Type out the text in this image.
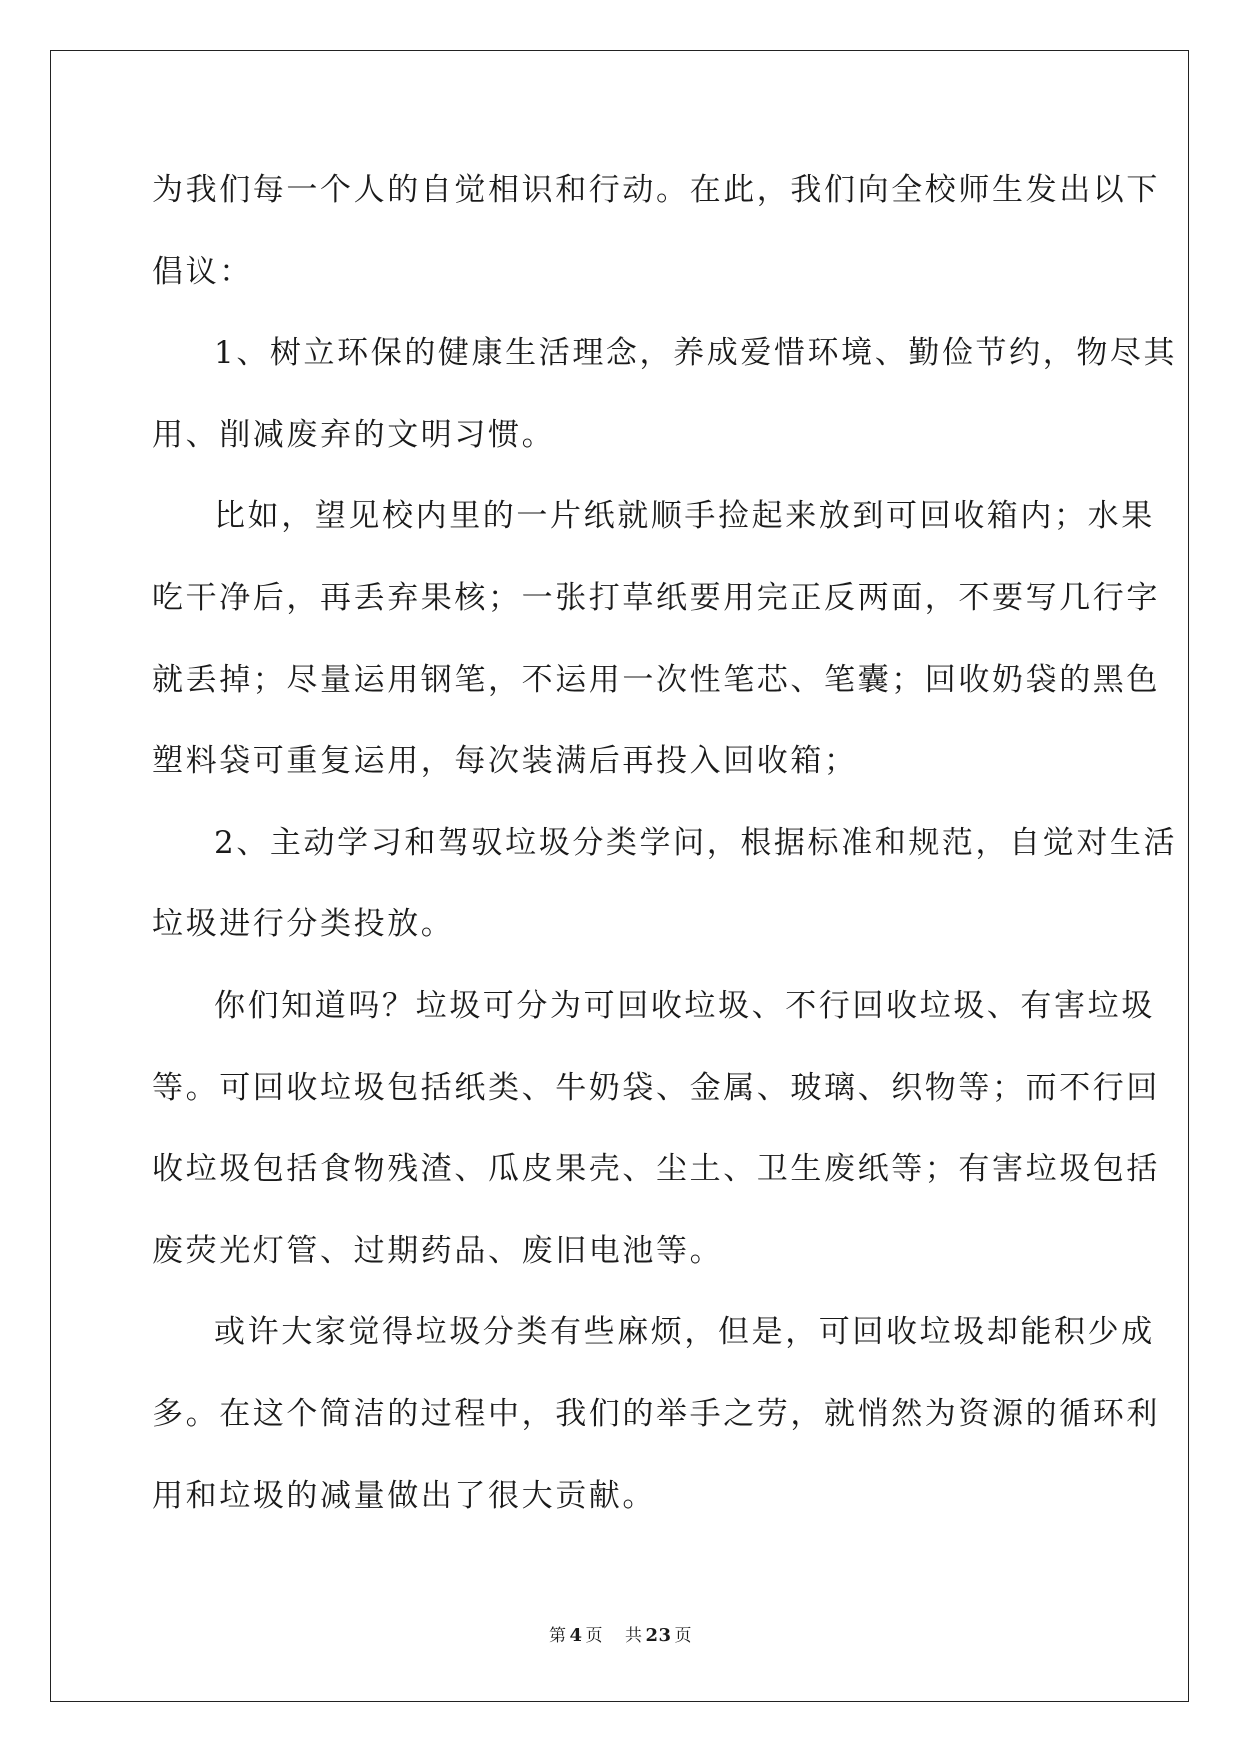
为我们每一个人的自觉相识和行动。在此，我们向全校师生发出以下
倡议：
1、树立环保的健康生活理念，养成爱惜环境、勤俭节约，物尽其
用、削减废弃的文明习惯。
比如，望见校内里的一片纸就顺手捡起来放到可回收箱内；水果
吃干净后，再丢弃果核；一张打草纸要用完正反两面，不要写几行字
就丢掉；尽量运用钢笔，不运用一次性笔芯、笔囊；回收奶袋的黑色
塑料袋可重复运用，每次装满后再投入回收箱；
2、主动学习和驾驭垃圾分类学问，根据标准和规范，自觉对生活
垃圾进行分类投放。
你们知道吗？垃圾可分为可回收垃圾、不行回收垃圾、有害垃圾
等。可回收垃圾包括纸类、牛奶袋、金属、玻璃、织物等；而不行回
收垃圾包括食物残渣、瓜皮果壳、尘土、卫生废纸等；有害垃圾包括
废荧光灯管、过期药品、废旧电池等。
或许大家觉得垃圾分类有些麻烦，但是，可回收垃圾却能积少成
多。在这个简洁的过程中，我们的举手之劳，就悄然为资源的循环利
用和垃圾的减量做出了很大贡献。
第 4 页 共 23 页
